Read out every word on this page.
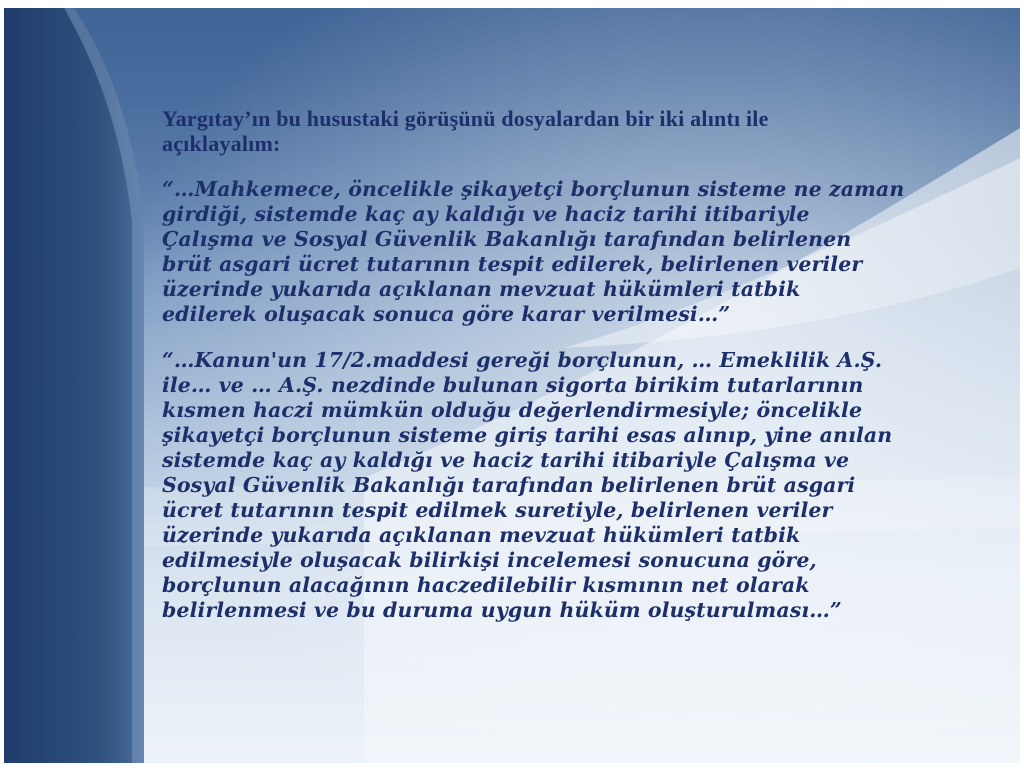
Yargıtay’ın bu husustaki görüşünü dosyalardan bir iki alıntı ile
açıklayalım:

“…Mahkemece, öncelikle şikayetçi borçlunun sisteme ne zaman
girdiği, sistemde kaç ay kaldığı ve haciz tarihi itibariyle
Çalışma ve Sosyal Güvenlik Bakanlığı tarafından belirlenen
brüt asgari ücret tutarının tespit edilerek, belirlenen veriler
üzerinde yukarıda açıklanan mevzuat hükümleri tatbik
edilerek oluşacak sonuca göre karar verilmesi…”

“…Kanun'un 17/2.maddesi gereği borçlunun, … Emeklilik A.Ş.
ile… ve … A.Ş. nezdinde bulunan sigorta birikim tutarlarının
kısmen haczi mümkün olduğu değerlendirmesiyle; öncelikle
şikayetçi borçlunun sisteme giriş tarihi esas alınıp, yine anılan
sistemde kaç ay kaldığı ve haciz tarihi itibariyle Çalışma ve
Sosyal Güvenlik Bakanlığı tarafından belirlenen brüt asgari
ücret tutarının tespit edilmek suretiyle, belirlenen veriler
üzerinde yukarıda açıklanan mevzuat hükümleri tatbik
edilmesiyle oluşacak bilirkişi incelemesi sonucuna göre,
borçlunun alacağının haczedilebilir kısmının net olarak
belirlenmesi ve bu duruma uygun hüküm oluşturulması…”
